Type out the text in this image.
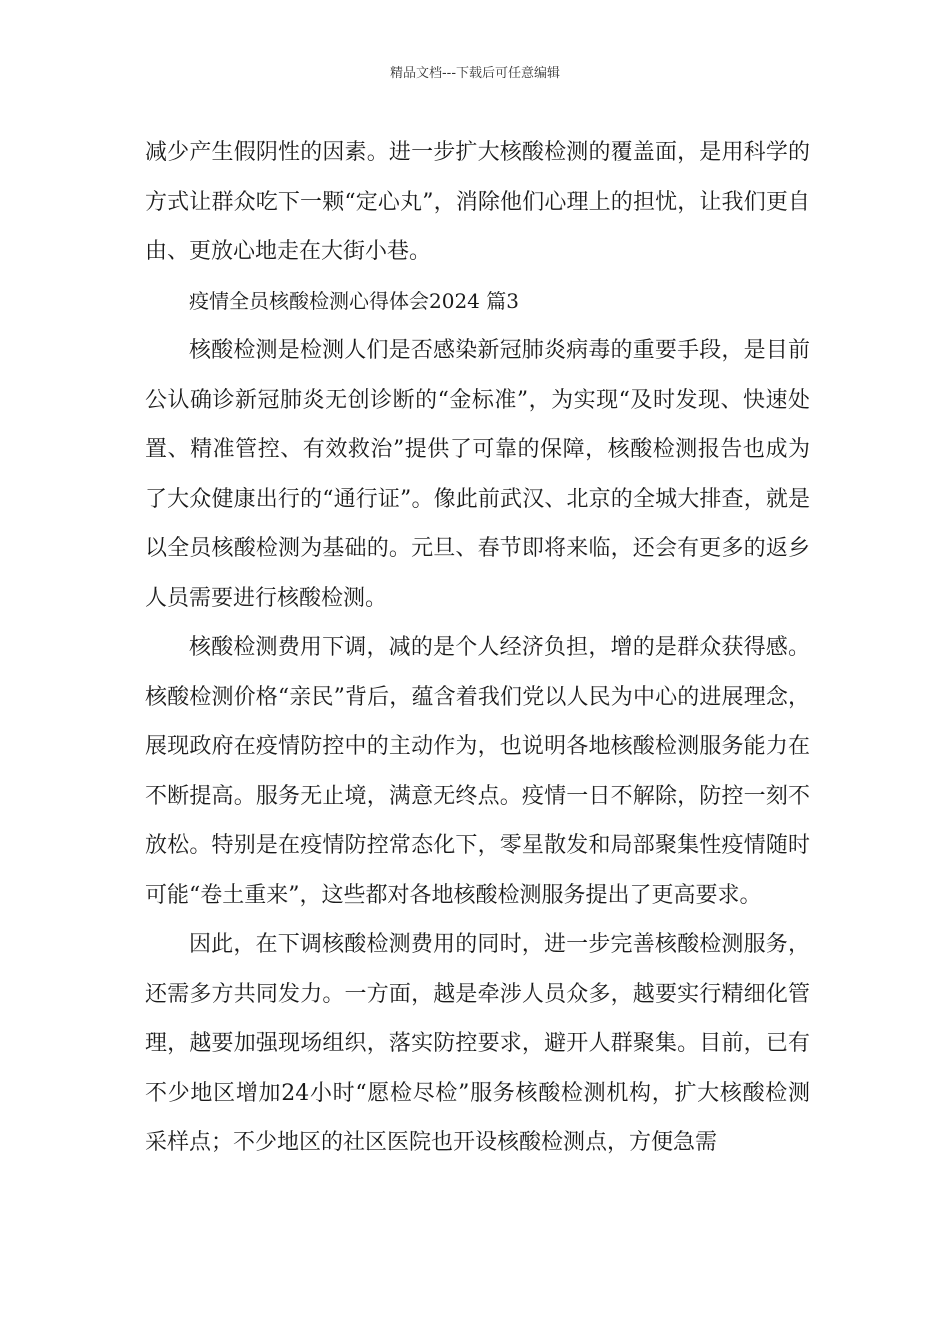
精品文档---下载后可任意编辑

减少产生假阴性的因素。进一步扩大核酸检测的覆盖面，是用科学的方式让群众吃下一颗“定心丸”，消除他们心理上的担忧，让我们更自由、更放心地走在大街小巷。

疫情全员核酸检测心得体会2024 篇3

核酸检测是检测人们是否感染新冠肺炎病毒的重要手段，是目前公认确诊新冠肺炎无创诊断的“金标准”，为实现“及时发现、快速处置、精准管控、有效救治”提供了可靠的保障，核酸检测报告也成为了大众健康出行的“通行证”。像此前武汉、北京的全城大排查，就是以全员核酸检测为基础的。元旦、春节即将来临，还会有更多的返乡人员需要进行核酸检测。

核酸检测费用下调，减的是个人经济负担，增的是群众获得感。核酸检测价格“亲民”背后，蕴含着我们党以人民为中心的进展理念，展现政府在疫情防控中的主动作为，也说明各地核酸检测服务能力在不断提高。服务无止境，满意无终点。疫情一日不解除，防控一刻不放松。特别是在疫情防控常态化下，零星散发和局部聚集性疫情随时可能“卷土重来”，这些都对各地核酸检测服务提出了更高要求。

因此，在下调核酸检测费用的同时，进一步完善核酸检测服务，还需多方共同发力。一方面，越是牵涉人员众多，越要实行精细化管理，越要加强现场组织，落实防控要求，避开人群聚集。目前，已有不少地区增加24小时“愿检尽检”服务核酸检测机构，扩大核酸检测采样点；不少地区的社区医院也开设核酸检测点，方便急需
